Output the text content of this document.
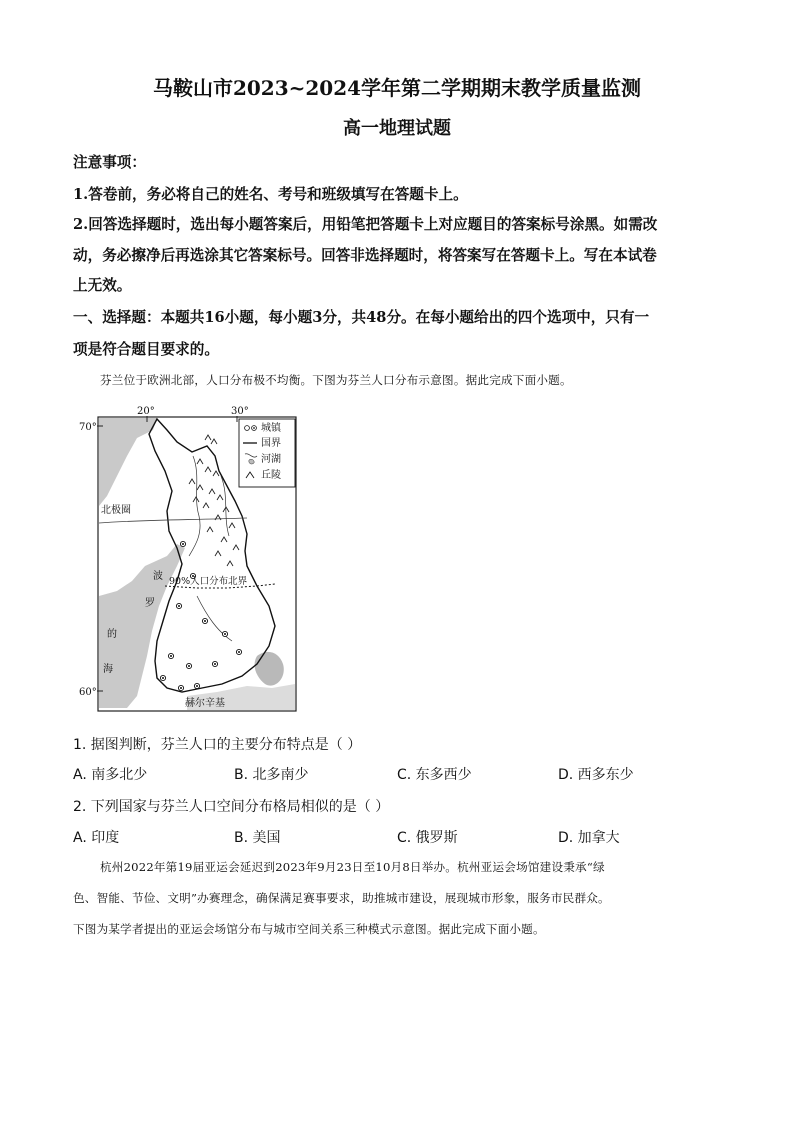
马鞍山市2023~2024学年第二学期期末教学质量监测
高一地理试题
注意事项：
1.答卷前，务必将自己的姓名、考号和班级填写在答题卡上。
2.回答选择题时，选出每小题答案后，用铅笔把答题卡上对应题目的答案标号涂黑。如需改
动，务必擦净后再选涂其它答案标号。回答非选择题时，将答案写在答题卡上。写在本试卷
上无效。
一、选择题：本题共16小题，每小题3分，共48分。在每小题给出的四个选项中，只有一
项是符合题目要求的。
芬兰位于欧洲北部，人口分布极不均衡。下图为芬兰人口分布示意图。据此完成下面小题。
20°	30°
70°
60°
北极圈
波
罗
的
海
90%人口分布北界
赫尔辛基
城镇
国界
河湖
丘陵
1. 据图判断，芬兰人口的主要分布特点是（ ）
A. 南多北少	B. 北多南少	C. 东多西少	D. 西多东少
2. 下列国家与芬兰人口空间分布格局相似的是（ ）
A. 印度	B. 美国	C. 俄罗斯	D. 加拿大
杭州2022年第19届亚运会延迟到2023年9月23日至10月8日举办。杭州亚运会场馆建设秉承“绿
色、智能、节俭、文明”办赛理念，确保满足赛事要求，助推城市建设，展现城市形象，服务市民群众。
下图为某学者提出的亚运会场馆分布与城市空间关系三种模式示意图。据此完成下面小题。
